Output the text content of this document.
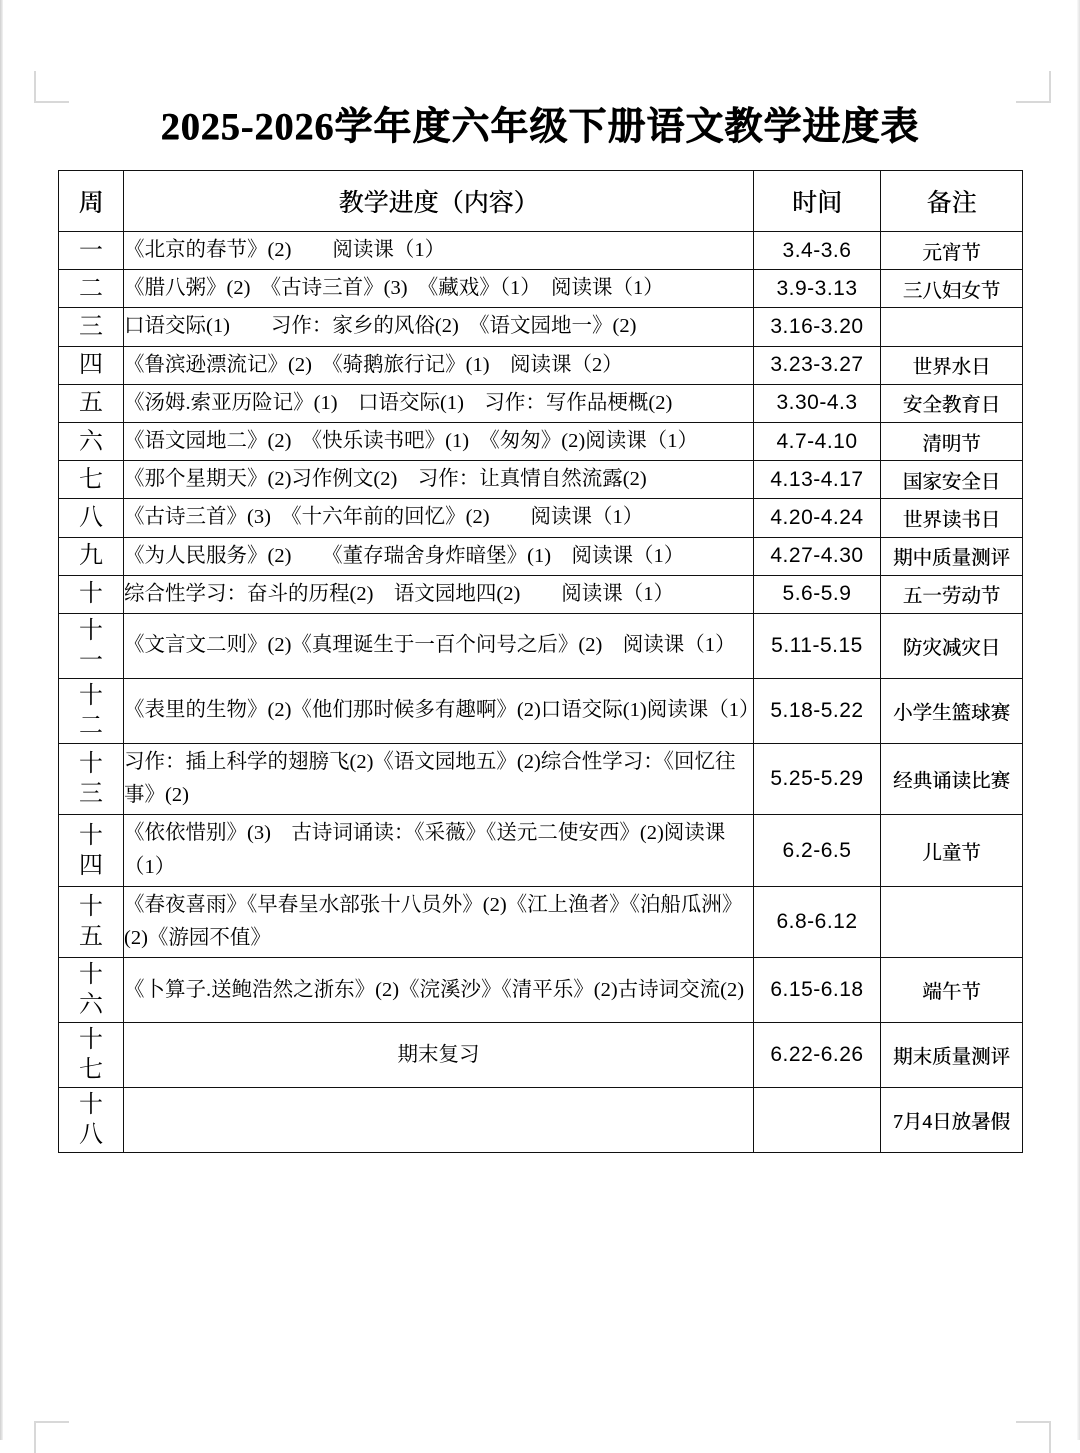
2025-2026学年度六年级下册语文教学进度表
周	教学进度（内容）	时间	备注

一	《北京的春节》(2)　　阅读课（1）	3.4-3.6	元宵节

二	《腊八粥》(2)　《古诗三首》(3)　《藏戏》（1）　阅读课（1）	3.9-3.13	三八妇女节

三	口语交际(1)　　习作：家乡的风俗(2)　《语文园地一》(2)	3.16-3.20	

四	《鲁滨逊漂流记》(2)　《骑鹅旅行记》(1)　阅读课（2）	3.23-3.27	世界水日

五	《汤姆.索亚历险记》(1)　口语交际(1)　习作：写作品梗概(2)	3.30-4.3	安全教育日

六	《语文园地二》(2)　《快乐读书吧》(1)　《匆匆》(2)阅读课（1）	4.7-4.10	清明节

七	《那个星期天》(2)习作例文(2)　习作：让真情自然流露(2)	4.13-4.17	国家安全日

八	《古诗三首》(3)　《十六年前的回忆》(2)　　阅读课（1）	4.20-4.24	世界读书日

九	《为人民服务》(2)　　《董存瑞舍身炸暗堡》(1)　阅读课（1）	4.27-4.30	期中质量测评

十	综合性学习：奋斗的历程(2)　语文园地四(2)　　阅读课（1）	5.6-5.9	五一劳动节

十一	《文言文二则》(2)《真理诞生于一百个问号之后》(2)　阅读课（1）	5.11-5.15	防灾减灾日

十二	《表里的生物》(2)《他们那时候多有趣啊》(2)口语交际(1)阅读课（1）	5.18-5.22	小学生篮球赛

十三	习作：插上科学的翅膀飞(2)《语文园地五》(2)综合性学习：《回忆往事》(2)	5.25-5.29	经典诵读比赛

十四	《依依惜别》(3)　古诗词诵读：《采薇》《送元二使安西》(2)阅读课（1）	6.2-6.5	儿童节

十五	《春夜喜雨》《早春呈水部张十八员外》(2)《江上渔者》《泊船瓜洲》(2)《游园不值》	6.8-6.12	

十六	《卜算子.送鲍浩然之浙东》(2)《浣溪沙》《清平乐》(2)古诗词交流(2)	6.15-6.18	端午节

十七	期末复习	6.22-6.26	期末质量测评

十八			7月4日放暑假
